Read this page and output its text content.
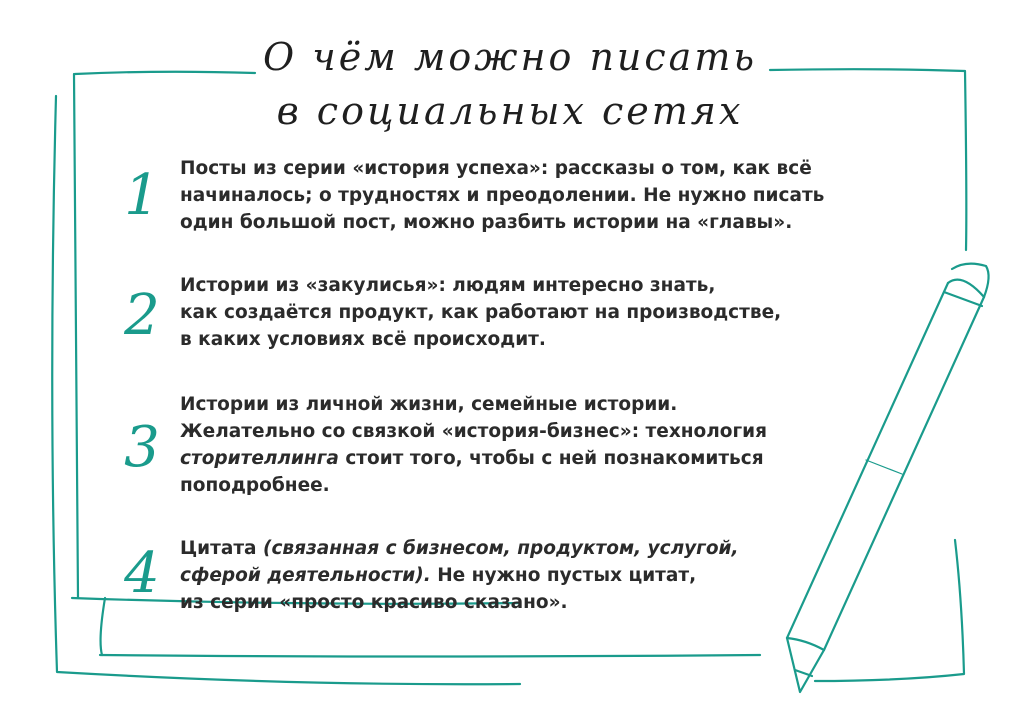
О чём можно писать
в социальных сетях
1	Посты из серии «история успеха»: рассказы о том, как всё
начиналось; о трудностях и преодолении. Не нужно писать
один большой пост, можно разбить истории на «главы».
2	Истории из «закулисья»: людям интересно знать,
как создаётся продукт, как работают на производстве,
в каких условиях всё происходит.
3
Истории из личной жизни, семейные истории.
Желательно со связкой «история-бизнес»: технология
сторителлинга стоит того, чтобы с ней познакомиться
поподробнее.
4	Цитата (связанная с бизнесом, продуктом, услугой,
сферой деятельности). Не нужно пустых цитат,
из серии «просто красиво сказано».
